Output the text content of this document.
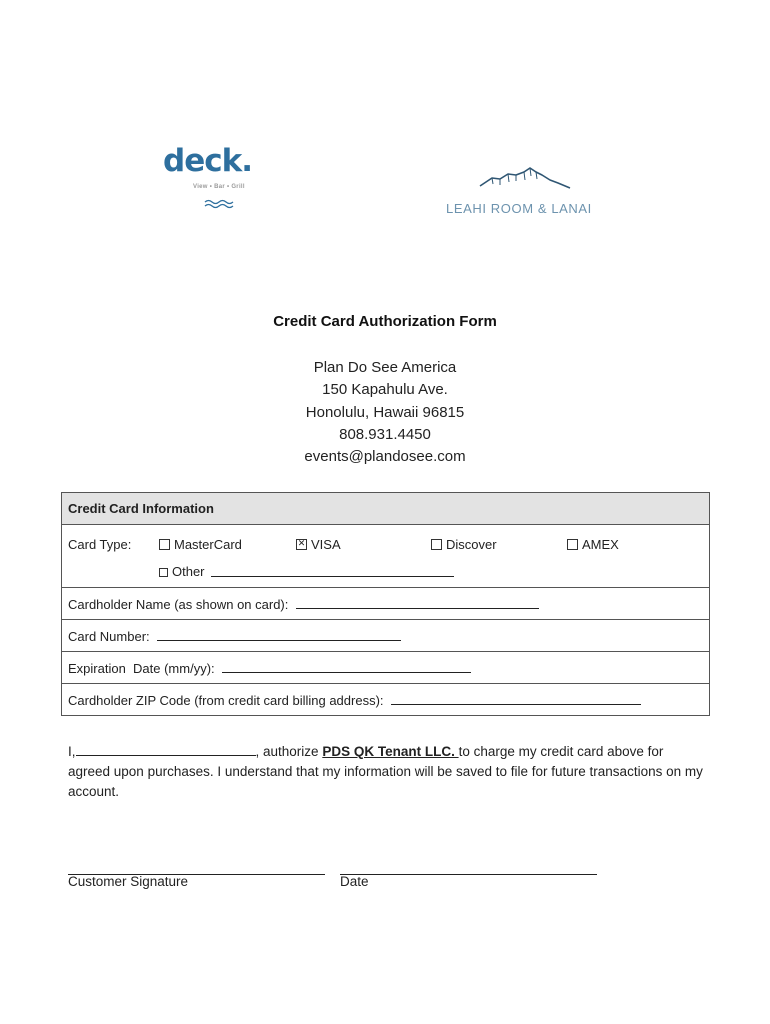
deck.
View • Bar • Grill
LEAHI ROOM & LANAI
Credit Card Authorization Form
Plan Do See America
150 Kapahulu Ave.
Honolulu, Hawaii 96815
808.931.4450
events@plandosee.com
Credit Card Information

Card Type:	MasterCard
✕	VISA	Discover	AMEX
Other

Cardholder Name (as shown on card):
Card Number:
Expiration  Date (mm/yy):
Cardholder ZIP Code (from credit card billing address):
I,	, authorize PDS QK Tenant LLC. to charge my credit card above for agreed upon purchases. I understand that my information will be saved to file for future transactions on my account.
Customer Signature	Date
